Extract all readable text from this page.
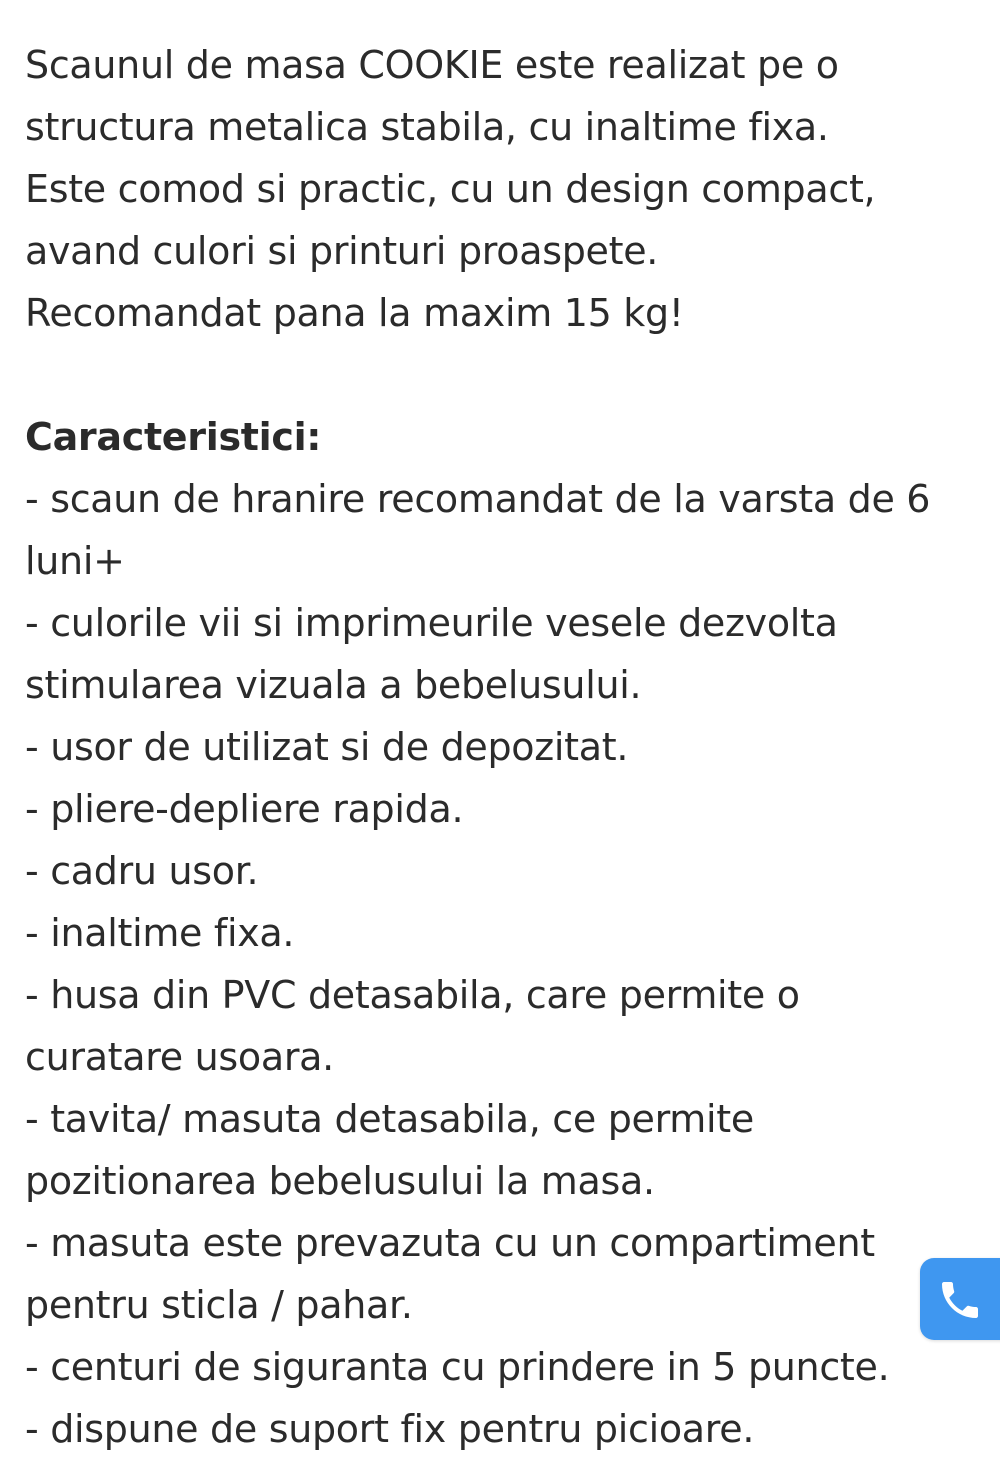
Scaunul de masa COOKIE este realizat pe o
structura metalica stabila, cu inaltime fixa.
Este comod si practic, cu un design compact,
avand culori si printuri proaspete.
Recomandat pana la maxim 15 kg!
Caracteristici:
- scaun de hranire recomandat de la varsta de 6
luni+
- culorile vii si imprimeurile vesele dezvolta
stimularea vizuala a bebelusului.
- usor de utilizat si de depozitat.
- pliere-depliere rapida.
- cadru usor.
- inaltime fixa.
- husa din PVC detasabila, care permite o
curatare usoara.
- tavita/ masuta detasabila, ce permite
pozitionarea bebelusului la masa.
- masuta este prevazuta cu un compartiment
pentru sticla / pahar.
- centuri de siguranta cu prindere in 5 puncte.
- dispune de suport fix pentru picioare.
